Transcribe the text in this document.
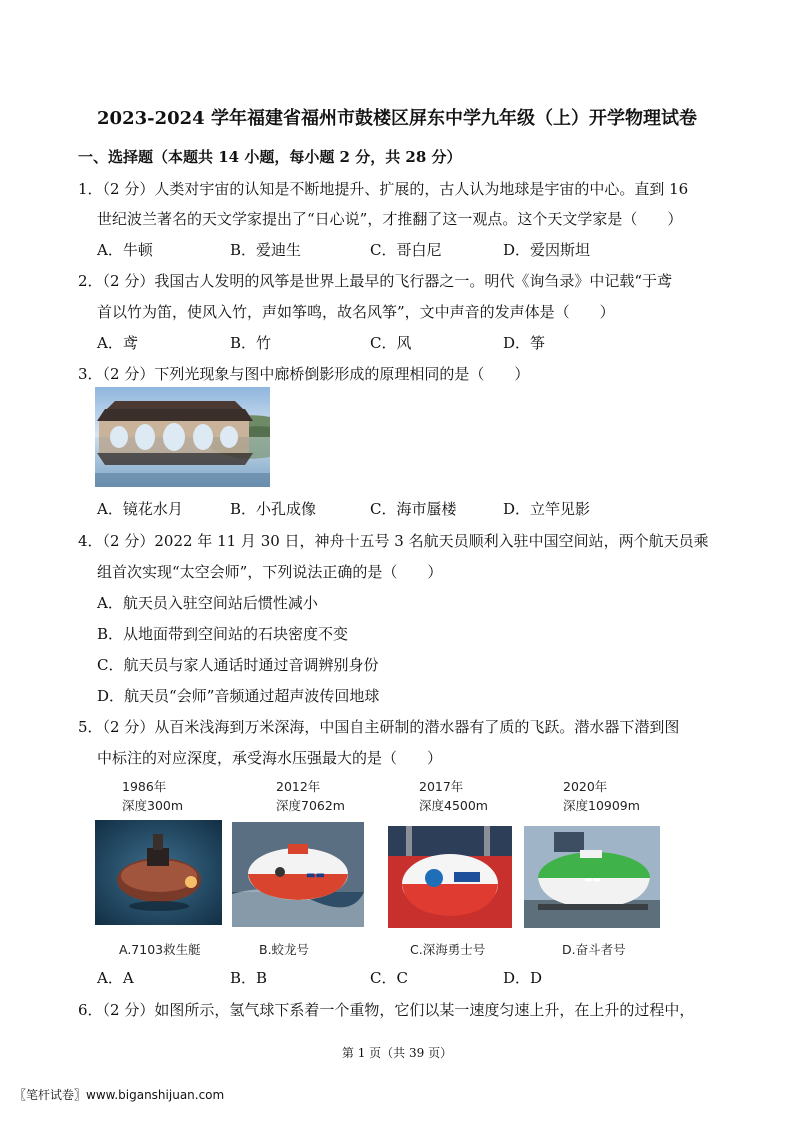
2023-2024 学年福建省福州市鼓楼区屏东中学九年级（上）开学物理试卷
一、选择题（本题共 14 小题，每小题 2 分，共 28 分）
1．（2 分）人类对宇宙的认知是不断地提升、扩展的，古人认为地球是宇宙的中心。直到 16
世纪波兰著名的天文学家提出了“日心说”，才推翻了这一观点。这个天文学家是（　　）
A．牛顿	B．爱迪生	C．哥白尼	D．爱因斯坦
2．（2 分）我国古人发明的风筝是世界上最早的飞行器之一。明代《询刍录》中记载“于鸢
首以竹为笛，使风入竹，声如筝鸣，故名风筝”，文中声音的发声体是（　　）
A．鸢	B．竹	C．风	D．筝
3．（2 分）下列光现象与图中廊桥倒影形成的原理相同的是（　　）
A．镜花水月	B．小孔成像	C．海市蜃楼	D．立竿见影
4．（2 分）2022 年 11 月 30 日，神舟十五号 3 名航天员顺利入驻中国空间站，两个航天员乘
组首次实现“太空会师”，下列说法正确的是（　　）
A．航天员入驻空间站后惯性减小
B．从地面带到空间站的石块密度不变
C．航天员与家人通话时通过音调辨别身份
D．航天员“会师”音频通过超声波传回地球
5．（2 分）从百米浅海到万米深海，中国自主研制的潜水器有了质的飞跃。潜水器下潜到图
中标注的对应深度，承受海水压强最大的是（　　）
1986年
深度300m
2012年
深度7062m
2017年
深度4500m
2020年
深度10909m
▬▬	▬▬
A.7103救生艇	B.蛟龙号	C.深海勇士号	D.奋斗者号
A．A	B．B	C．C	D．D
6．（2 分）如图所示，氢气球下系着一个重物，它们以某一速度匀速上升，在上升的过程中，
第 1 页（共 39 页）
〖笔杆试卷〗www.biganshijuan.com
